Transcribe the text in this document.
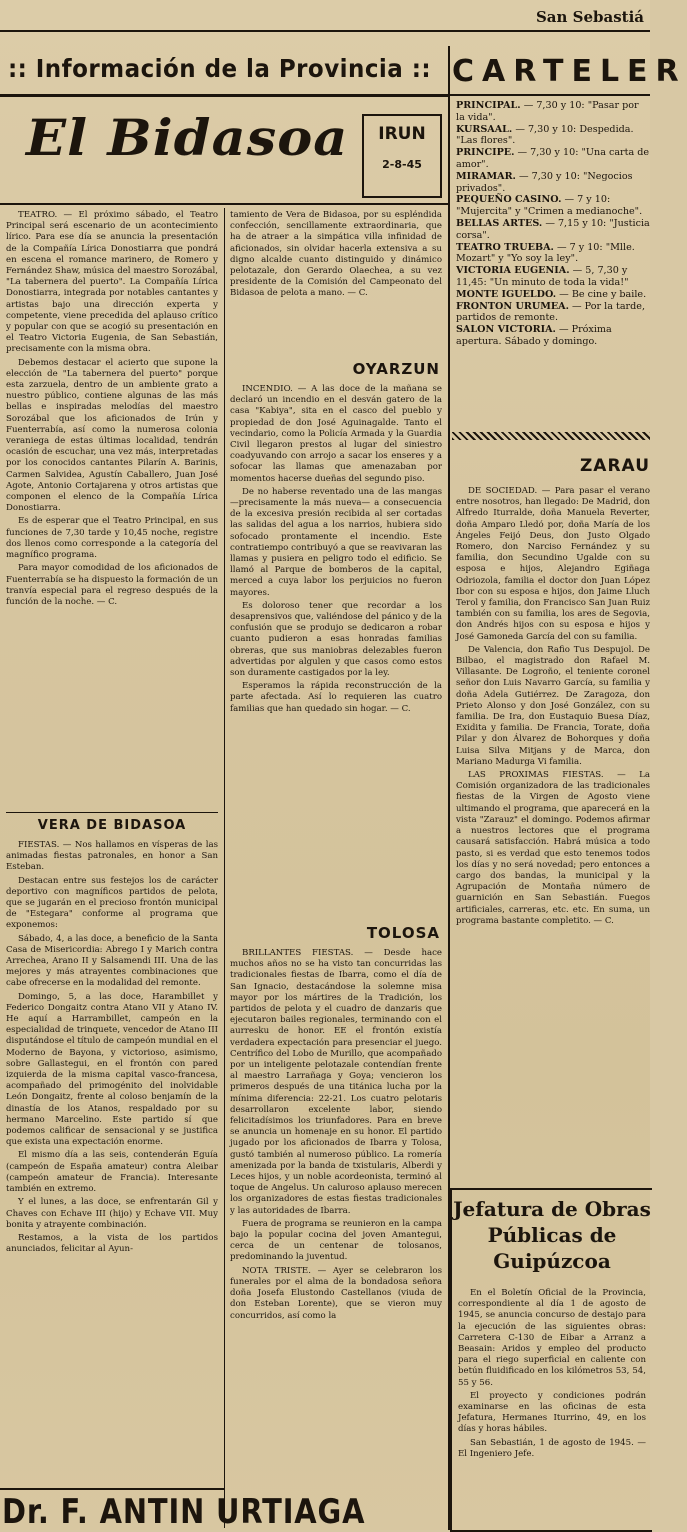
San Sebastiá
:: Información de la Provincia :: CARTELER
El Bidasoa	IRUN
2-8-45

TEATRO. — El próximo sábado, el Teatro Principal será escenario de un acontecimiento lírico. Para ese día se anuncia la presentación de la Compañía Lírica Donostiarra que pondrá en escena el romance marinero, de Romero y Fernández Shaw, música del maestro Sorozábal, "La tabernera del puerto". La Compañía Lírica Donostiarra, integrada por notables cantantes y artistas bajo una dirección experta y competente, viene precedida del aplauso crítico y popular con que se acogió su presentación en el Teatro Victoria Eugenia, de San Sebastián, precisamente con la misma obra.

Debemos destacar el acierto que supone la elección de "La tabernera del puerto" porque esta zarzuela, dentro de un ambiente grato a nuestro público, contiene algunas de las más bellas e inspiradas melodías del maestro Sorozábal que los aficionados de Irún y Fuenterrabía, así como la numerosa colonia veraniega de estas últimas localidad, tendrán ocasión de escuchar, una vez más, interpretadas por los conocidos cantantes Pilarín A. Barinis, Carmen Salvidea, Agustín Caballero, Juan José Agote, Antonio Cortajarena y otros artistas que componen el elenco de la Compañía Lírica Donostiarra.

Es de esperar que el Teatro Principal, en sus funciones de 7,30 tarde y 10,45 noche, registre dos llenos como corresponde a la categoría del magnífico programa.

Para mayor comodidad de los aficionados de Fuenterrabía se ha dispuesto la formación de un tranvía especial para el regreso después de la función de la noche. — C.

VERA DE BIDASOA

FIESTAS. — Nos hallamos en vísperas de las animadas fiestas patronales, en honor a San Esteban.

Destacan entre sus festejos los de carácter deportivo con magníficos partidos de pelota, que se jugarán en el precioso frontón municipal de "Estegara" conforme al programa que exponemos:

Sábado, 4, a las doce, a beneficio de la Santa Casa de Misericordia: Abrego I y Marich contra Arrechea, Arano II y Salsamendi III. Una de las mejores y más atrayentes combinaciones que cabe ofrecerse en la modalidad del remonte.

Domingo, 5, a las doce, Harambillet y Federico Dongaitz contra Atano VII y Atano IV. He aquí a Harrambillet, campeón en la especialidad de trinquete, vencedor de Atano III disputándose el título de campeón mundial en el Moderno de Bayona, y victorioso, asimismo, sobre Gallastegui, en el frontón con pared izquierda de la misma capital vasco-francesa, acompañado del primogénito del inolvidable León Dongaitz, frente al coloso benjamín de la dinastía de los Atanos, respaldado por su hermano Marcelino. Este partido sí que podemos calificar de sensacional y se justifica que exista una expectación enorme.

El mismo día a las seis, contenderán Eguía (campeón de España amateur) contra Aleibar (campeón amateur de Francia). Interesante también en extremo.

Y el lunes, a las doce, se enfrentarán Gil y Chaves con Echave III (hijo) y Echave VII. Muy bonita y atrayente combinación.

Restamos, a la vista de los partidos anunciados, felicitar al Ayun-

Dr. F. ANTIN URTIAGA

tamiento de Vera de Bidasoa, por su espléndida confección, sencillamente extraordinaria, que ha de atraer a la simpática villa infinidad de aficionados, sin olvidar hacerla extensiva a su digno alcalde cuanto distinguido y dinámico pelotazale, don Gerardo Olaechea, a su vez presidente de la Comisión del Campeonato del Bidasoa de pelota a mano. — C.

OYARZUN

INCENDIO. — A las doce de la mañana se declaró un incendio en el desván gatero de la casa "Kabiya", sita en el casco del pueblo y propiedad de don José Aguinagalde. Tanto el vecindario, como la Policía Armada y la Guardia Civil llegaron prestos al lugar del siniestro coadyuvando con arrojo a sacar los enseres y a sofocar las llamas que amenazaban por momentos hacerse dueñas del segundo piso.

De no haberse reventado una de las mangas —precisamente la más nueva— a consecuencia de la excesiva presión recibida al ser cortadas las salidas del agua a los narrios, hubiera sido sofocado prontamente el incendio. Este contratiempo contribuyó a que se reavivaran las llamas y pusiera en peligro todo el edificio. Se llamó al Parque de bomberos de la capital, merced a cuya labor los perjuicios no fueron mayores.

Es doloroso tener que recordar a los desaprensivos que, valiéndose del pánico y de la confusión que se produjo se dedicaron a robar cuanto pudieron a esas honradas familias obreras, que sus maniobras delezables fueron advertidas por algulen y que casos como estos son duramente castigados por la ley.

Esperamos la rápida reconstrucción de la parte afectada. Así lo requieren las cuatro familias que han quedado sin hogar. — C.

TOLOSA

BRILLANTES FIESTAS. — Desde hace muchos años no se ha visto tan concurridas las tradicionales fiestas de Ibarra, como el día de San Ignacio, destacándose la solemne misa mayor por los mártires de la Tradición, los partidos de pelota y el cuadro de danzaris que ejecutaron bailes regionales, terminando con el aurresku de honor. EE el frontón existía verdadera expectación para presenciar el juego. Centrífico del Lobo de Murillo, que acompañado por un inteligente pelotazale contendían frente al maestro Larrañaga y Goya; vencieron los primeros después de una titánica lucha por la mínima diferencia: 22-21. Los cuatro pelotaris desarrollaron excelente labor, siendo felicitadísimos los triunfadores. Para en breve se anuncia un homenaje en su honor. El partido jugado por los aficionados de Ibarra y Tolosa, gustó también al numeroso público. La romería amenizada por la banda de txistularis, Alberdi y Leces hijos, y un noble acordeonista, terminó al toque de Angelus. Un caluroso aplauso merecen los organizadores de estas fiestas tradicionales y las autoridades de Ibarra.

Fuera de programa se reunieron en la campa bajo la popular cocina del joven Amantegui, cerca de un centenar de tolosanos, predominando la juventud.

NOTA TRISTE. — Ayer se celebraron los funerales por el alma de la bondadosa señora doña Josefa Elustondo Castellanos (viuda de don Esteban Lorente), que se vieron muy concurridos, así como la

PRINCIPAL. — 7,30 y 10: "Pasar por la vida".
KURSAAL. — 7,30 y 10: Despedida. "Las flores".
PRINCIPE. — 7,30 y 10: "Una carta de amor".
MIRAMAR. — 7,30 y 10: "Negocios privados".
PEQUEÑO CASINO. — 7 y 10: "Mujercita" y "Crimen a medianoche".
BELLAS ARTES. — 7,15 y 10: "Justicia corsa".
TEATRO TRUEBA. — 7 y 10: "Mlle. Mozart" y "Yo soy la ley".
VICTORIA EUGENIA. — 5, 7,30 y 11,45: "Un minuto de toda la vida!"
MONTE IGUELDO. — Be cine y baile.
FRONTON URUMEA. — Por la tarde, partidos de remonte.
SALON VICTORIA. — Próxima apertura. Sábado y domingo.
ZARAU

DE SOCIEDAD. — Para pasar el verano entre nosotros, han llegado: De Madrid, don Alfredo Iturralde, doña Manuela Reverter, doña Amparo Lledó por, doña María de los Ángeles Feijó Deus, don Justo Olgado Romero, don Narciso Fernández y su familia, don Secundino Ugalde con su esposa e hijos, Alejandro Egiñaga Odriozola, familia el doctor don Juan López Ibor con su esposa e hijos, don Jaime Lluch Terol y familia, don Francisco San Juan Ruiz también con su familia, los ares de Segovia, don Andrés hijos con su esposa e hijos y José Gamoneda García del con su familia.

De Valencia, don Rafio Tus Despujol. De Bilbao, el magistrado don Rafael M. Villasante. De Logroño, el teniente coronel señor don Luis Navarro García, su familia y doña Adela Gutiérrez. De Zaragoza, don Prieto Alonso y don José González, con su familia. De Ira, don Eustaquio Buesa Díaz, Exidita y familia. De Francia, Torate, doña Pilar y don Álvarez de Bohorques y doña Luisa Silva Mitjans y de Marca, don Mariano Madurga Vi familia.

LAS PROXIMAS FIESTAS. — La Comisión organizadora de las tradicionales fiestas de la Virgen de Agosto viene ultimando el programa, que aparecerá en la vista "Zarauz" el domingo. Podemos afirmar a nuestros lectores que el programa causará satisfacción. Habrá música a todo pasto, si es verdad que esto tenemos todos los días y no será novedad; pero entonces a cargo dos bandas, la municipal y la Agrupación de Montaña número de guarnición en San Sebastián. Fuegos artificiales, carreras, etc. etc. En suma, un programa bastante completito. — C.

Jefatura de Obras
Públicas de
Guipúzcoa

En el Boletín Oficial de la Provincia, correspondiente al día 1 de agosto de 1945, se anuncia concurso de destajo para la ejecución de las siguientes obras: Carretera C-130 de Eibar a Arranz a Beasain: Aridos y empleo del producto para el riego superficial en caliente con betún fluidificado en los kilómetros 53, 54, 55 y 56.

El proyecto y condiciones podrán examinarse en las oficinas de esta Jefatura, Hermanes Iturrino, 49, en los días y horas hábiles.

San Sebastián, 1 de agosto de 1945. — El Ingeniero Jefe.
